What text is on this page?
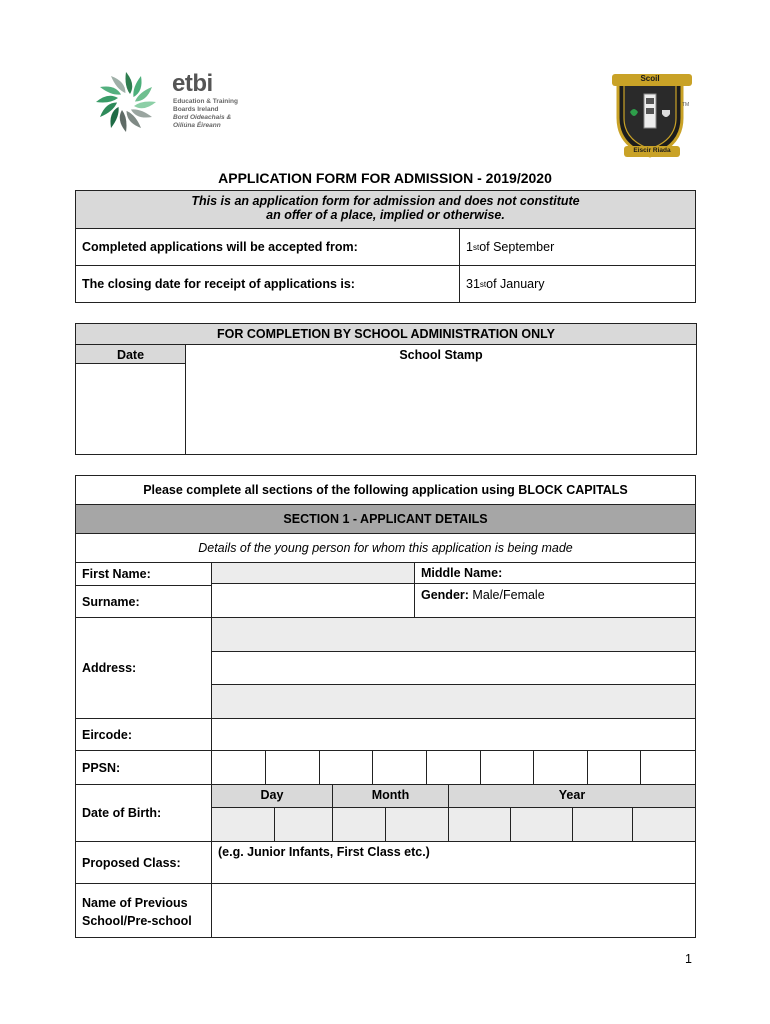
etbi
Education & Training
Boards Ireland
Bord Oideachais &
Oiliúna Éireann
Scoil
Eiscir Riada
TM
APPLICATION FORM FOR ADMISSION - 2019/2020
This is an application form for admission and does not constitute
an offer of a place, implied or otherwise.
Completed applications will be accepted from:	1 st of September
The closing date for receipt of applications is:	31 st of January
FOR COMPLETION BY SCHOOL ADMINISTRATION ONLY
Date	School Stamp
Please complete all sections of the following application using BLOCK CAPITALS
SECTION 1 - APPLICANT DETAILS
Details of the young person for whom this application is being made
First Name:	Middle Name:
Surname:	Gender: Male/Female
Address:
Eircode:
PPSN:
Date of Birth:
Day	Month	Year
Proposed Class:
(e.g. Junior Infants, First Class etc.)
Name of Previous
School/Pre-school
1
